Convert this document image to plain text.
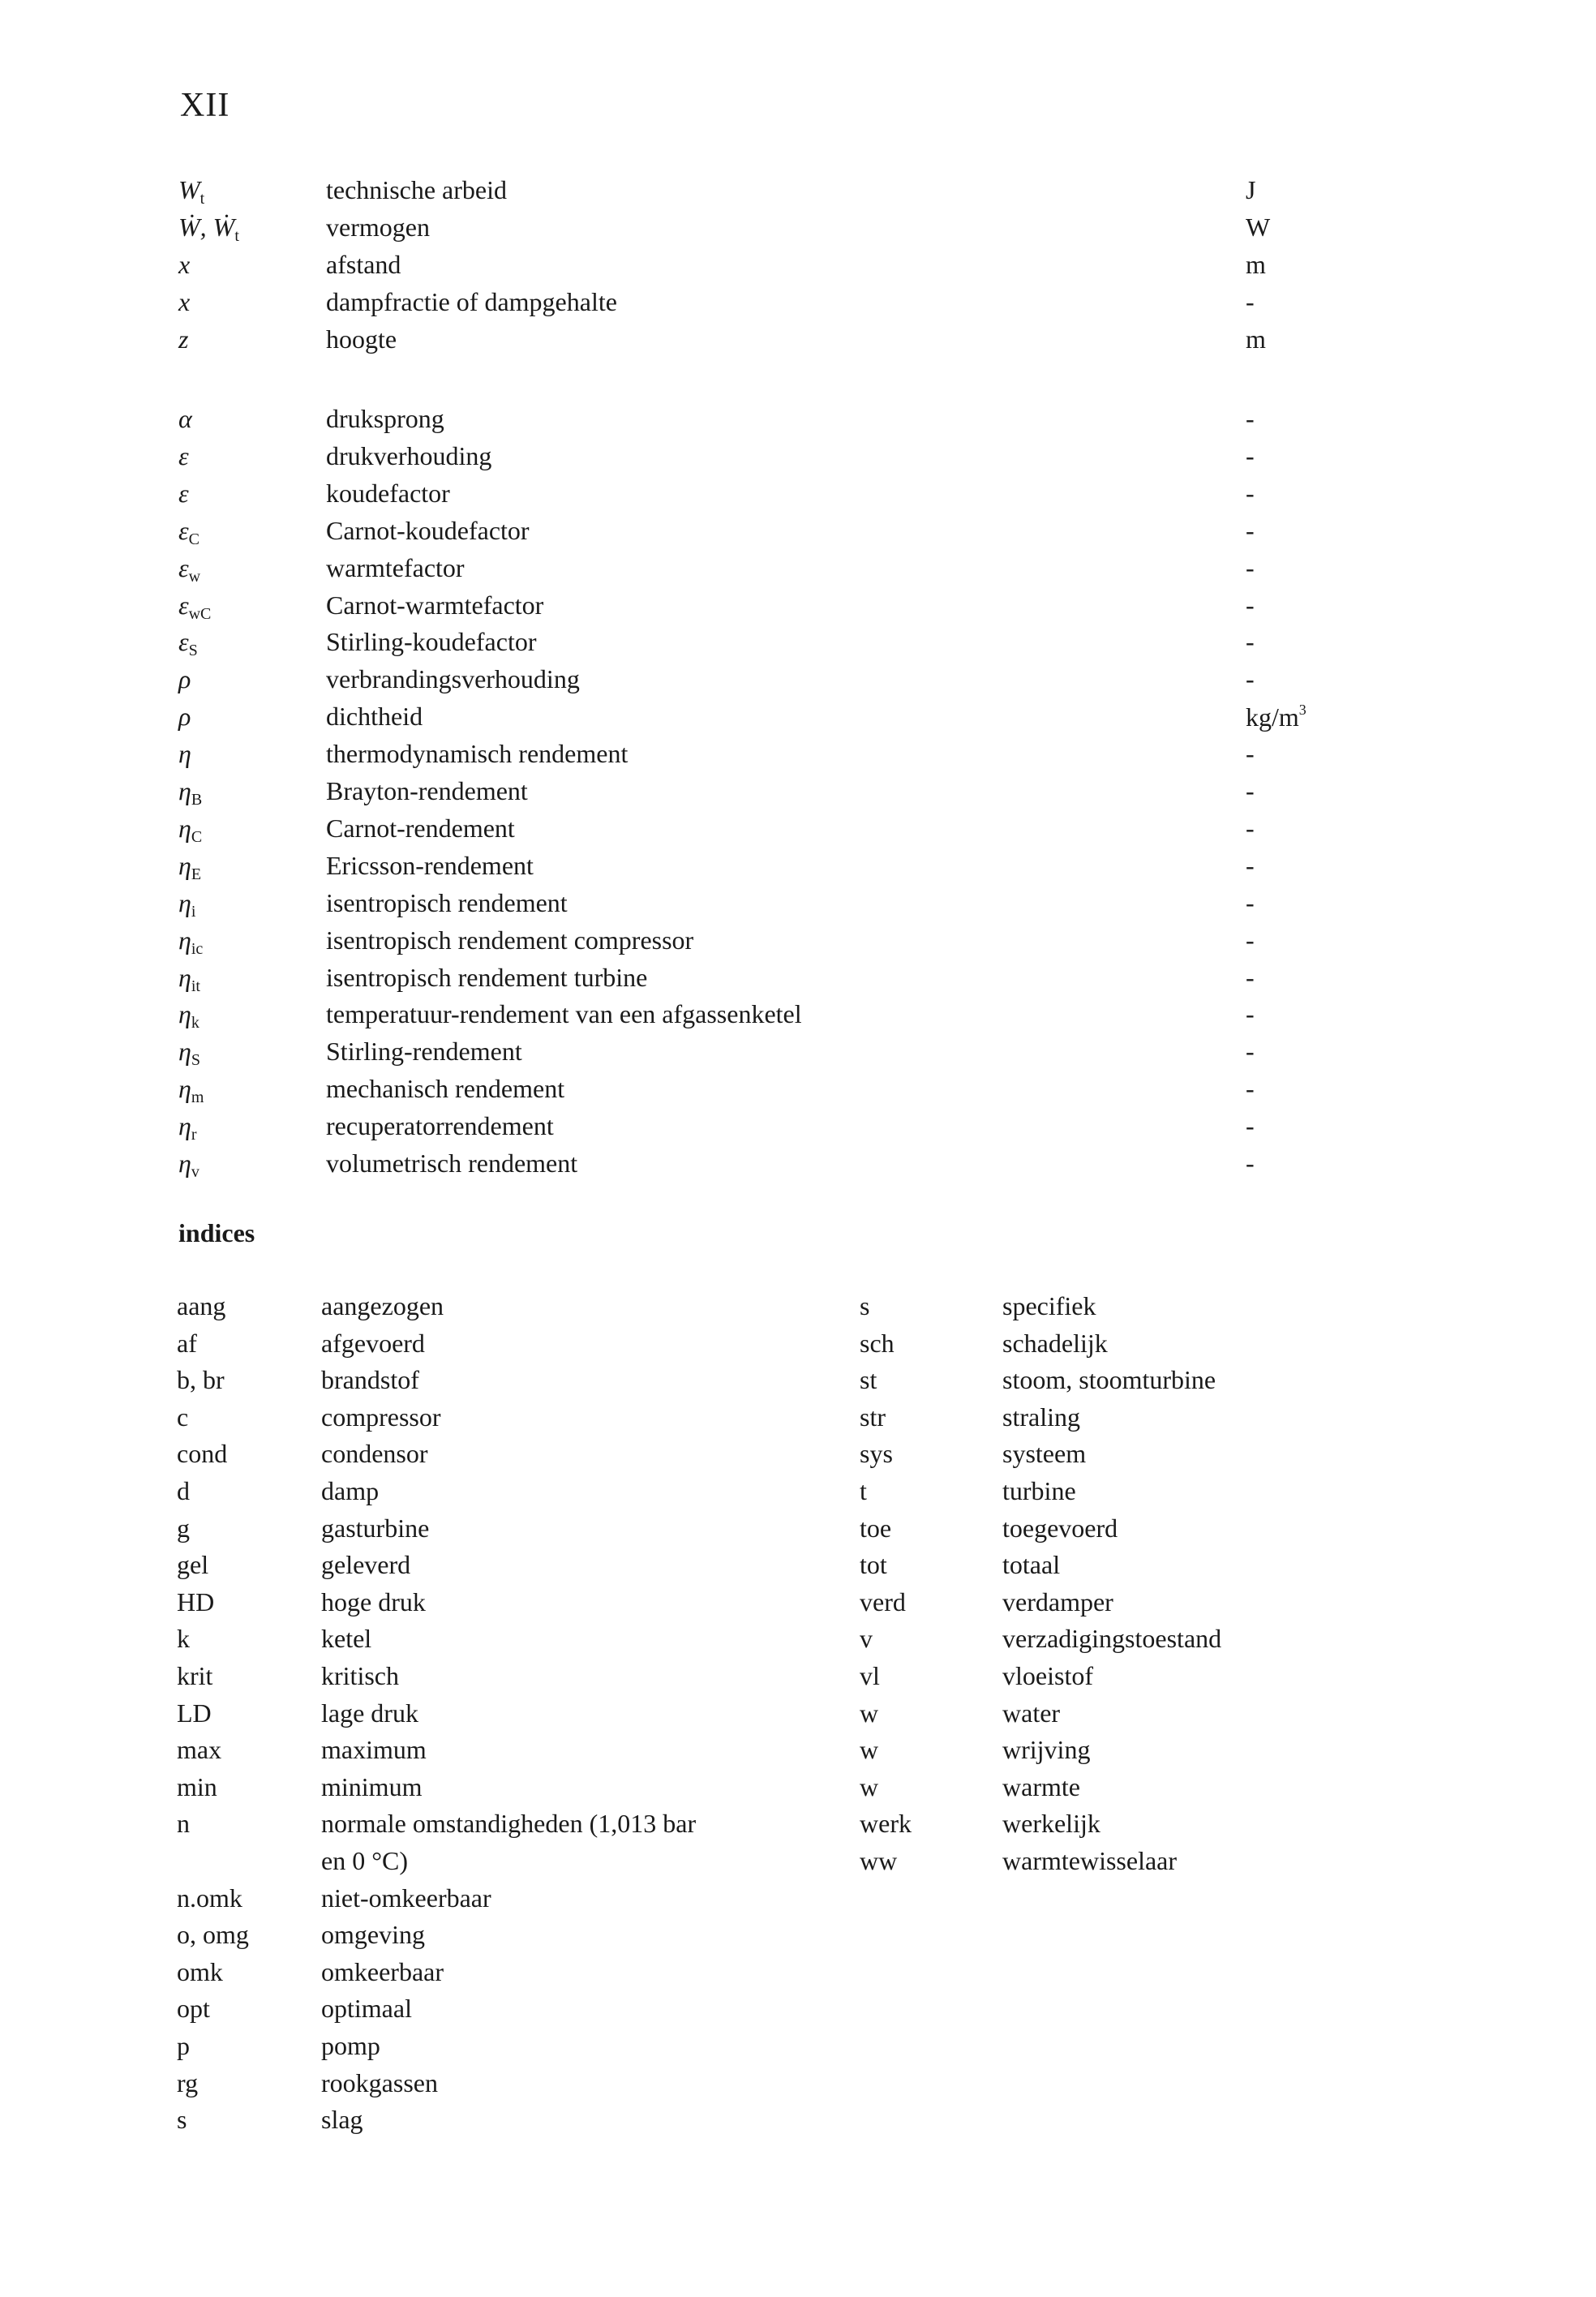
XII
$W_t$	technische arbeid	J
Ẇ, Ẇ$_t$	vermogen	W
x	afstand	m
x	dampfractie of dampgehalte	-
z	hoogte	m
α	druksprong	-
ε	drukverhouding	-
ε	koudefactor	-
$\varepsilon_C$	Carnot-koudefactor	-
$\varepsilon_w$	warmtefactor	-
$\varepsilon_{wC}$	Carnot-warmtefactor	-
$\varepsilon_S$	Stirling-koudefactor	-
ρ	verbrandingsverhouding	-
ρ	dichtheid	$kg/m^3$
η	thermodynamisch rendement	-
$\eta_B$	Brayton-rendement	-
$\eta_C$	Carnot-rendement	-
$\eta_E$	Ericsson-rendement	-
$\eta_i$	isentropisch rendement	-
$\eta_{ic}$	isentropisch rendement compressor	-
$\eta_{it}$	isentropisch rendement turbine	-
$\eta_k$	temperatuur-rendement van een afgassenketel	-
$\eta_S$	Stirling-rendement	-
$\eta_m$	mechanisch rendement	-
$\eta_r$	recuperatorrendement	-
$\eta_v$	volumetrisch rendement	-
indices
aang	aangezogen
af	afgevoerd
b, br	brandstof
c	compressor
cond	condensor
d	damp
g	gasturbine
gel	geleverd
HD	hoge druk
k	ketel
krit	kritisch
LD	lage druk
max	maximum
min	minimum
n	normale omstandigheden (1,013 bar
en 0 °C)
n.omk	niet-omkeerbaar
o, omg	omgeving
omk	omkeerbaar
opt	optimaal
p	pomp
rg	rookgassen
s	slag
s	specifiek
sch	schadelijk
st	stoom, stoomturbine
str	straling
sys	systeem
t	turbine
toe	toegevoerd
tot	totaal
verd	verdamper
v	verzadigingstoestand
vl	vloeistof
w	water
w	wrijving
w	warmte
werk	werkelijk
ww	warmtewisselaar
